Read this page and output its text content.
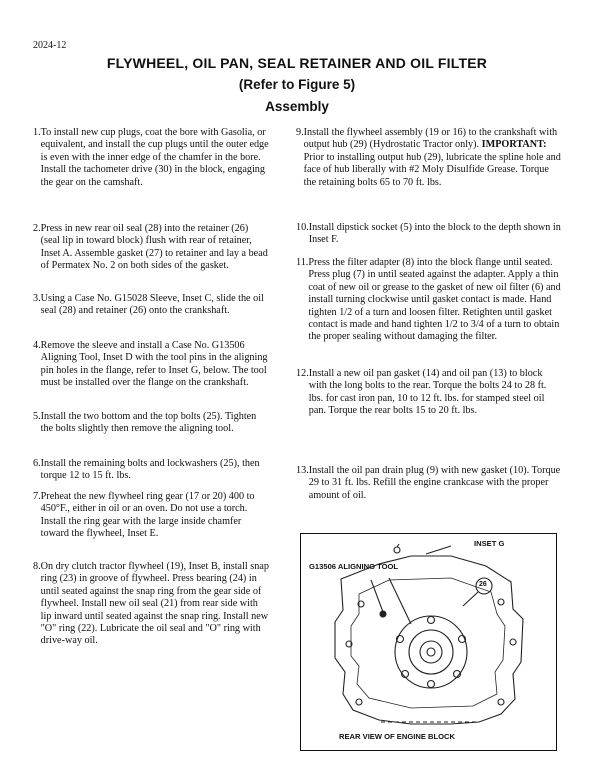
2024-12
FLYWHEEL, OIL PAN, SEAL RETAINER AND OIL FILTER
(Refer to Figure 5)
Assembly
1. To install new cup plugs, coat the bore with Gasolia, or equivalent, and install the cup plugs until the outer edge is even with the inner edge of the chamfer in the bore. Install the tachometer drive (30) in the block, engaging the gear on the camshaft.
2. Press in new rear oil seal (28) into the retainer (26) (seal lip in toward block) flush with rear of retainer, Inset A. Assemble gasket (27) to retainer and lay a bead of Permatex No. 2 on both sides of the gasket.
3. Using a Case No. G15028 Sleeve, Inset C, slide the oil seal (28) and retainer (26) onto the crankshaft.
4. Remove the sleeve and install a Case No. G13506 Aligning Tool, Inset D with the tool pins in the aligning pin holes in the flange, refer to Inset G, below. The tool must be installed over the flange on the crankshaft.
5. Install the two bottom and the top bolts (25). Tighten the bolts slightly then remove the aligning tool.
6. Install the remaining bolts and lockwashers (25), then torque 12 to 15 ft. lbs.
7. Preheat the new flywheel ring gear (17 or 20) 400 to 450°F., either in oil or an oven. Do not use a torch. Install the ring gear with the large inside chamfer toward the flywheel, Inset E.
8. On dry clutch tractor flywheel (19), Inset B, install snap ring (23) in groove of flywheel. Press bearing (24) in until seated against the snap ring from the gear side of flywheel. Install new oil seal (21) from rear side with lip inward until seated against the snap ring. Install new "O" ring (22). Lubricate the oil seal and "O" ring with drive-way oil.
9. Install the flywheel assembly (19 or 16) to the crankshaft with output hub (29) (Hydrostatic Tractor only). IMPORTANT: Prior to installing output hub (29), lubricate the spline hole and face of hub liberally with #2 Moly Disulfide Grease. Torque the retaining bolts 65 to 70 ft. lbs.
10. Install dipstick socket (5) into the block to the depth shown in Inset F.
11. Press the filter adapter (8) into the block flange until seated. Press plug (7) in until seated against the adapter. Apply a thin coat of new oil or grease to the gasket of new oil filter (6) and install turning clockwise until gasket contact is made. Hand tighten 1/2 of a turn and loosen filter. Retighten until gasket contact is made and hand tighten 1/2 to 3/4 of a turn to obtain the proper sealing without damaging the filter.
12. Install a new oil pan gasket (14) and oil pan (13) to block with the long bolts to the rear. Torque the bolts 24 to 28 ft. lbs. for cast iron pan, 10 to 12 ft. lbs. for stamped steel oil pan. Torque the rear bolts 15 to 20 ft. lbs.
13. Install the oil pan drain plug (9) with new gasket (10). Torque 29 to 31 ft. lbs. Refill the engine crankcase with the proper amount of oil.
INSET G
G13506 ALIGNING TOOL
26
REAR VIEW OF ENGINE BLOCK
